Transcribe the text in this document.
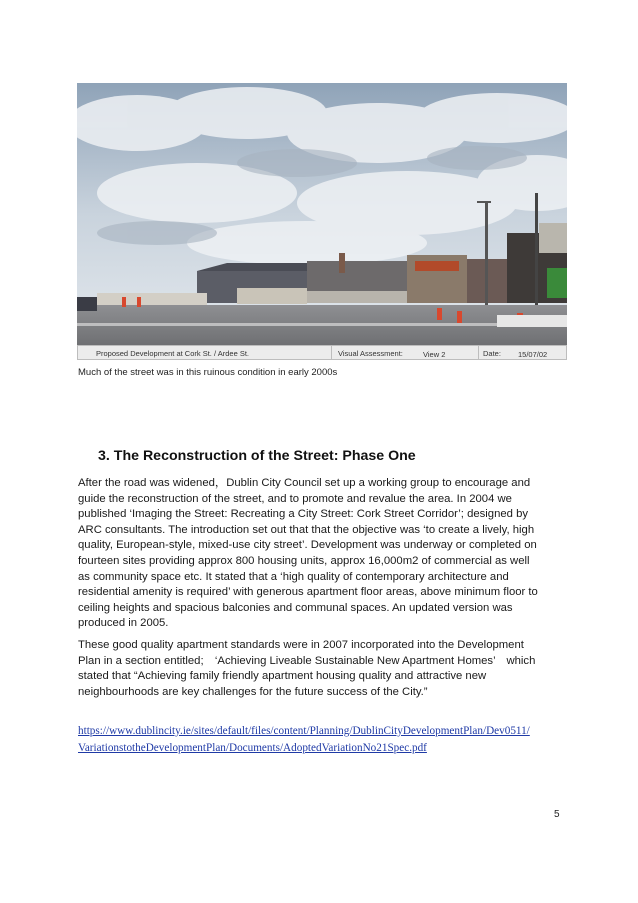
Proposed Development at Cork St. / Ardee St.	Visual Assessment:	View 2	Date: 15/07/02
Much of the street was in this ruinous condition in early 2000s
3. The Reconstruction of the Street: Phase One
After the road was widened，Dublin City Council set up a working group to encourage and
guide the reconstruction of the street, and to promote and revalue the area. In 2004 we
published ‘Imaging the Street: Recreating a City Street: Cork Street Corridor’; designed by
ARC consultants. The introduction set out that that the objective was ‘to create a lively, high
quality, European-style, mixed-use city street’. Development was underway or completed on
fourteen sites providing approx 800 housing units, approx 16,000m2 of commercial as well
as community space etc. It stated that a ‘high quality of contemporary architecture and
residential amenity is required’ with generous apartment floor areas, above minimum floor to
ceiling heights and spacious balconies and communal spaces. An updated version was
produced in 2005.
These good quality apartment standards were in 2007 incorporated into the Development
Plan in a section entitled;　‘Achieving Liveable Sustainable New Apartment Homes’　which
stated that “Achieving family friendly apartment housing quality and attractive new
neighbourhoods are key challenges for the future success of the City.”
https://www.dublincity.ie/sites/default/files/content/Planning/DublinCityDevelopmentPlan/Dev0511/
VariationstotheDevelopmentPlan/Documents/AdoptedVariationNo21Spec.pdf
5
